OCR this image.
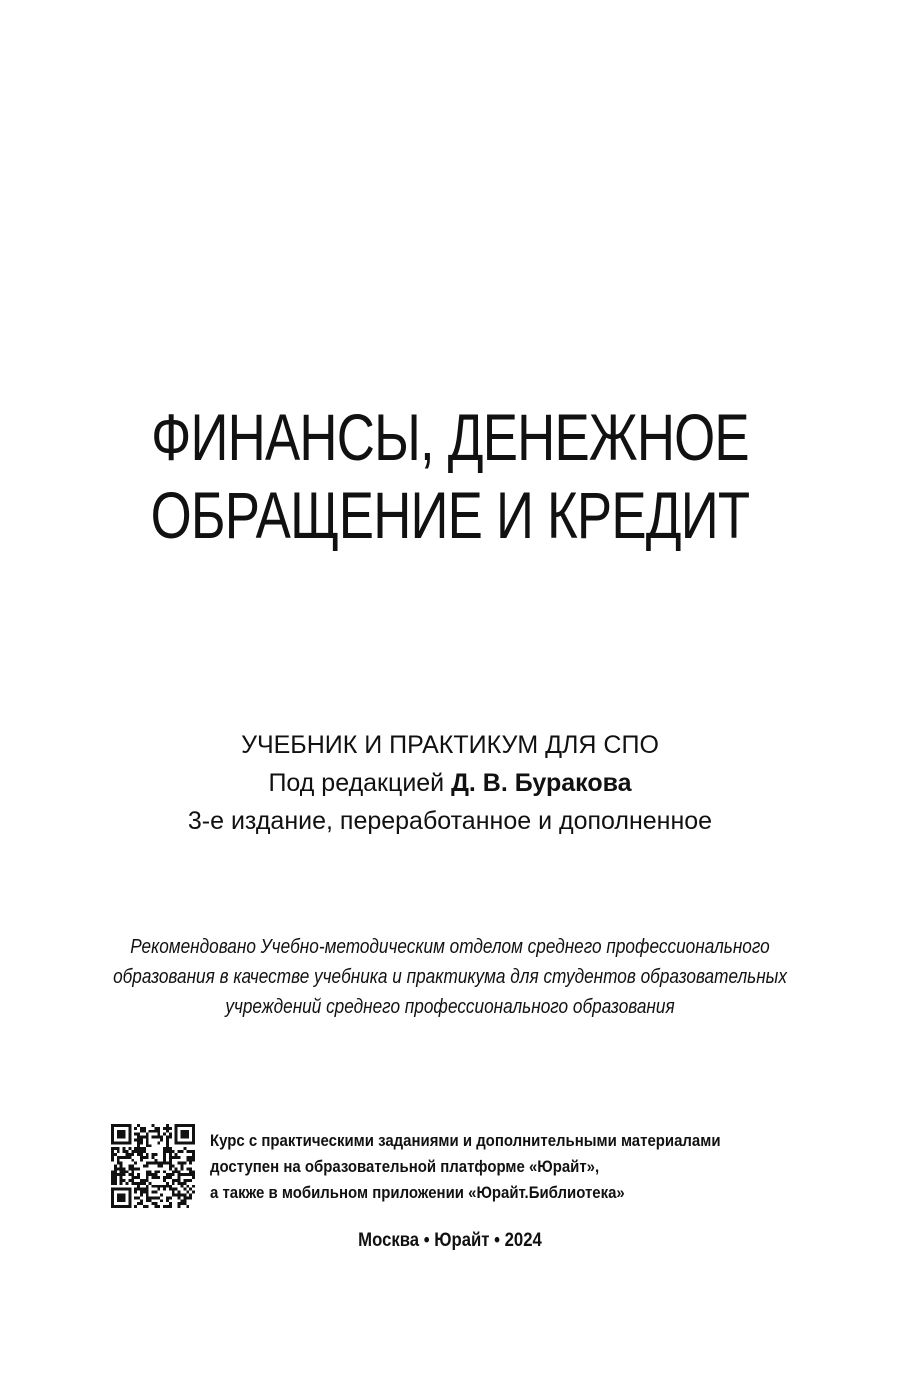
ФИНАНСЫ, ДЕНЕЖНОЕ
ОБРАЩЕНИЕ И КРЕДИТ
УЧЕБНИК И ПРАКТИКУМ ДЛЯ СПО
Под редакцией Д. В. Буракова
3-е издание, переработанное и дополненное
Рекомендовано Учебно-методическим отделом среднего профессионального
образования в качестве учебника и практикума для студентов образовательных
учреждений среднего профессионального образования
Курс с практическими заданиями и дополнительными материалами
доступен на образовательной платформе «Юрайт»,
а также в мобильном приложении «Юрайт.Библиотека»
Москва • Юрайт • 2024
